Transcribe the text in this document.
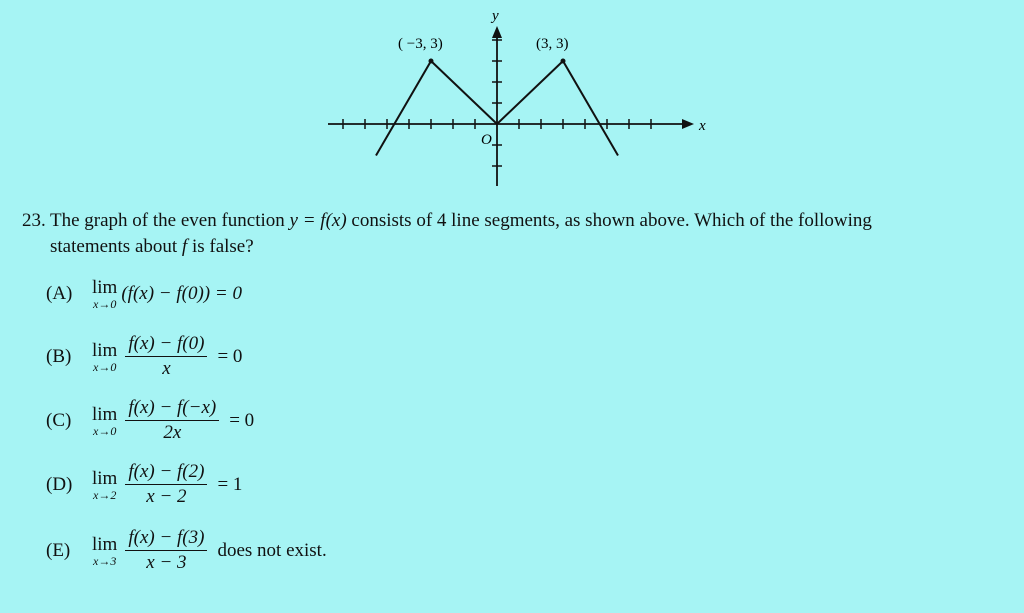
x
y
O
( −3, 3)	(3, 3)
23. The graph of the even function y = f(x) consists of 4 line segments, as shown above. Which of the following
statements about f is false?
(A)	lim
x→0 (f(x) − f(0)) = 0
(B)	lim
$x\to 0 \frac{f(x) - f(0)}{x} = 0$
(C)	lim
$x\to 0 \frac{f(x) - f(-x)}{2x} = 0$
(D)	lim
$x\to 2 \frac{f(x) - f(2)}{x - 2} = 1$
(E)	lim
$x\to 3 \frac{f(x) - f(3)}{x - 3}$ does not exist.
